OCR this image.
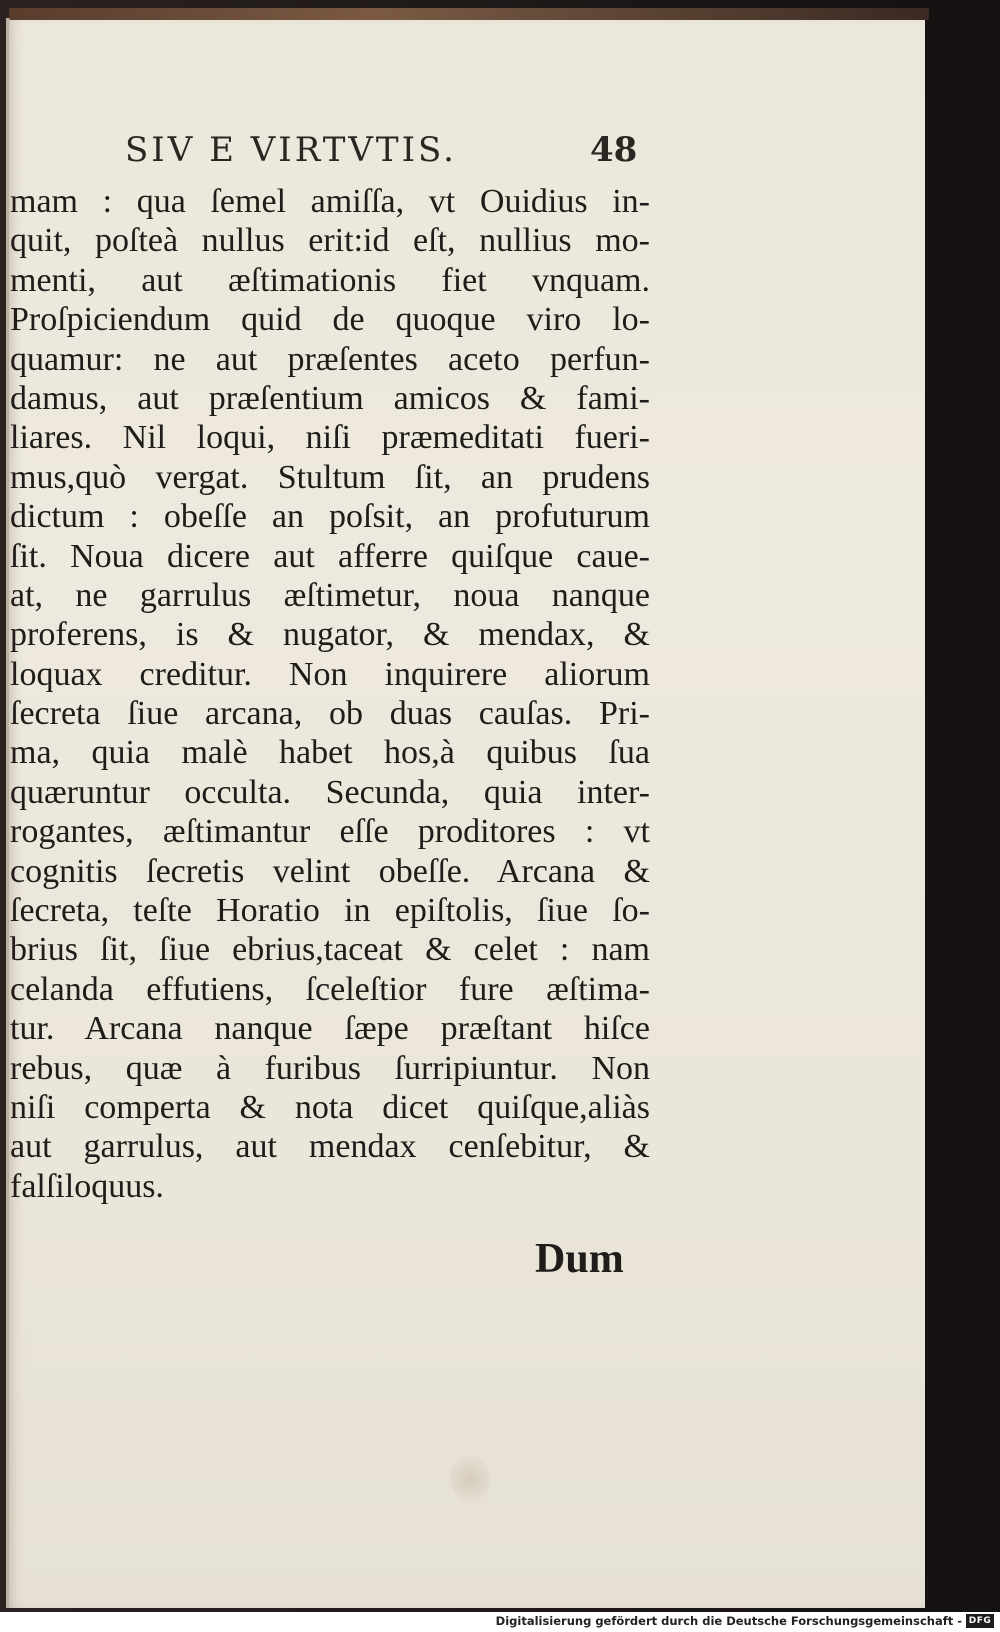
SIV E VIRTVTIS.	48
mam : qua ſemel amiſſa, vt Ouidius in-
quit, poſteà nullus erit:id eſt, nullius mo-
menti, aut æſtimationis fiet vnquam.
Proſpiciendum quid de quoque viro lo-
quamur: ne aut præſentes aceto perfun-
damus, aut præſentium amicos & fami-
liares. Nil loqui, niſi præmeditati fueri-
mus,quò vergat. Stultum ſit, an prudens
dictum : obeſſe an poſsit, an profuturum
ſit. Noua dicere aut afferre quiſque caue-
at, ne garrulus æſtimetur, noua nanque
proferens, is & nugator, & mendax, &
loquax creditur. Non inquirere aliorum
ſecreta ſiue arcana, ob duas cauſas. Pri-
ma, quia malè habet hos,à quibus ſua
quæruntur occulta. Secunda, quia inter-
rogantes, æſtimantur eſſe proditores : vt
cognitis ſecretis velint obeſſe. Arcana &
ſecreta, teſte Horatio in epiſtolis, ſiue ſo-
brius ſit, ſiue ebrius,taceat & celet : nam
celanda effutiens, ſceleſtior fure æſtima-
tur. Arcana nanque ſæpe præſtant hiſce
rebus, quæ à furibus ſurripiuntur. Non
niſi comperta & nota dicet quiſque,aliàs
aut garrulus, aut mendax cenſebitur, &
falſiloquus.
Dum
Digitalisierung gefördert durch die Deutsche Forschungsgemeinschaft - DFG
